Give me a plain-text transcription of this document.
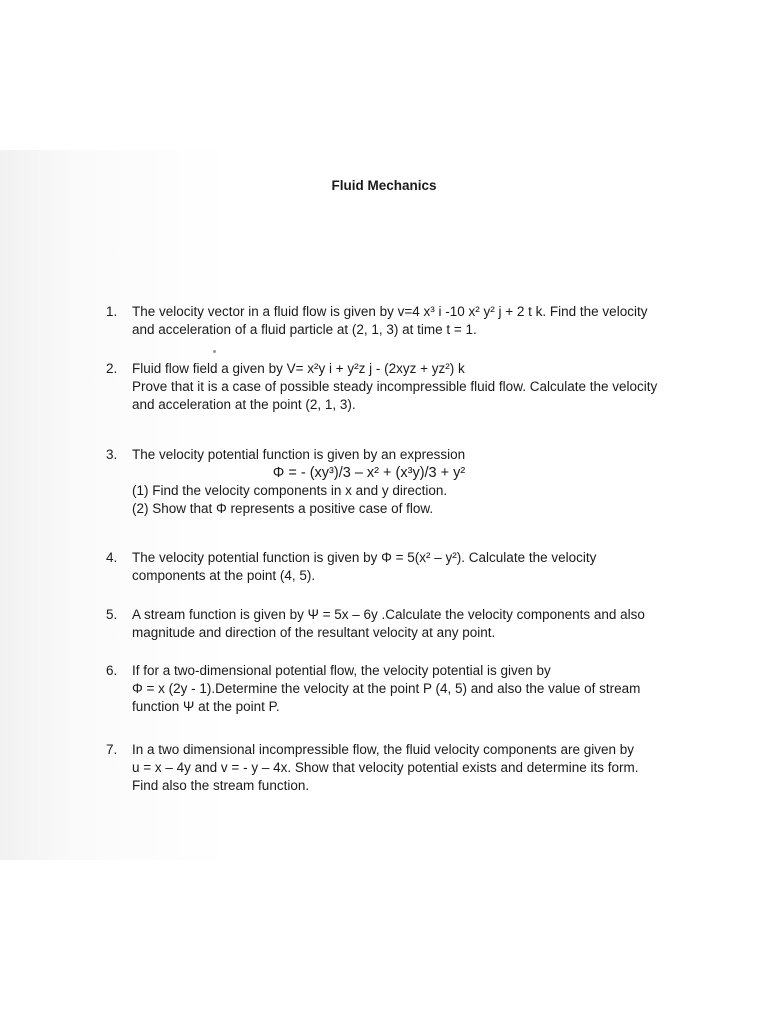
Fluid Mechanics
1. The velocity vector in a fluid flow is given by v=4 x³ i -10 x² y² j + 2 t k. Find the velocity
and acceleration of a fluid particle at (2, 1, 3) at time t = 1.
2. Fluid flow field a given by V= x²y i + y²z j - (2xyz + yz²) k
Prove that it is a case of possible steady incompressible fluid flow. Calculate the velocity
and acceleration at the point (2, 1, 3).
3. The velocity potential function is given by an expression
Φ = - (xy³)/3 – x² + (x³y)/3 + y²
(1) Find the velocity components in x and y direction.
(2) Show that Φ represents a positive case of flow.
4. The velocity potential function is given by Φ = 5(x² – y²). Calculate the velocity
components at the point (4, 5).
5. A stream function is given by Ψ = 5x – 6y .Calculate the velocity components and also
magnitude and direction of the resultant velocity at any point.
6. If for a two-dimensional potential flow, the velocity potential is given by
Φ = x (2y - 1).Determine the velocity at the point P (4, 5) and also the value of stream
function Ψ at the point P.
7. In a two dimensional incompressible flow, the fluid velocity components are given by
u = x – 4y and v = - y – 4x. Show that velocity potential exists and determine its form.
Find also the stream function.
